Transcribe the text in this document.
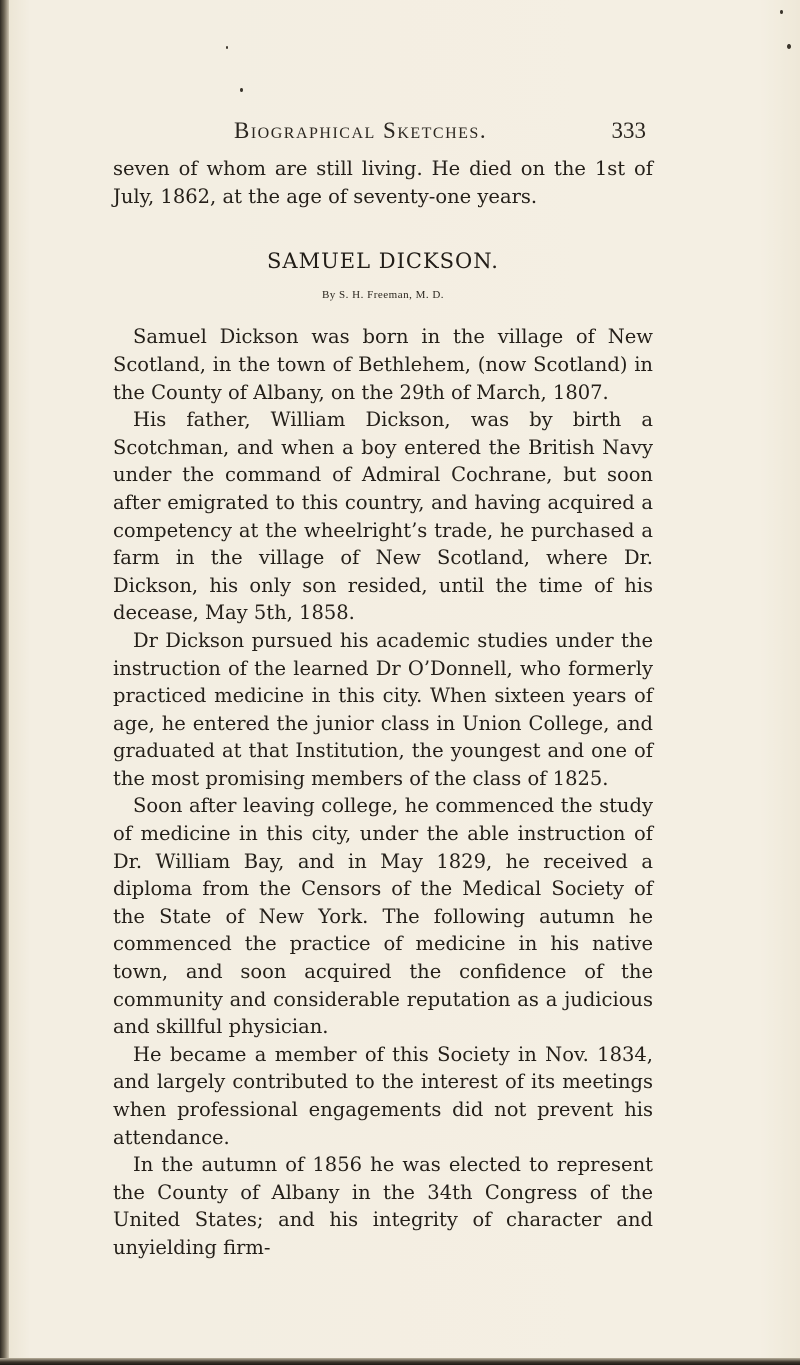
Biographical Sketches.	333

seven of whom are still living. He died on the 1st of July, 1862, at the age of seventy-one years.

SAMUEL DICKSON.
By S. H. Freeman, M. D.

Samuel Dickson was born in the village of New Scotland, in the town of Bethlehem, (now Scotland) in the County of Albany, on the 29th of March, 1807.

His father, William Dickson, was by birth a Scotchman, and when a boy entered the British Navy under the command of Admiral Cochrane, but soon after emigrated to this country, and having acquired a competency at the wheelright’s trade, he purchased a farm in the village of New Scotland, where Dr. Dickson, his only son resided, until the time of his decease, May 5th, 1858.

Dr Dickson pursued his academic studies under the instruction of the learned Dr O’Donnell, who formerly practiced medicine in this city. When sixteen years of age, he entered the junior class in Union College, and graduated at that Institution, the youngest and one of the most promising members of the class of 1825.

Soon after leaving college, he commenced the study of medicine in this city, under the able instruction of Dr. William Bay, and in May 1829, he received a diploma from the Censors of the Medical Society of the State of New York. The following autumn he commenced the practice of medicine in his native town, and soon acquired the confidence of the community and considerable reputation as a judicious and skillful physician.

He became a member of this Society in Nov. 1834, and largely contributed to the interest of its meetings when professional engagements did not prevent his attendance.

In the autumn of 1856 he was elected to represent the County of Albany in the 34th Congress of the United States; and his integrity of character and unyielding firm-
